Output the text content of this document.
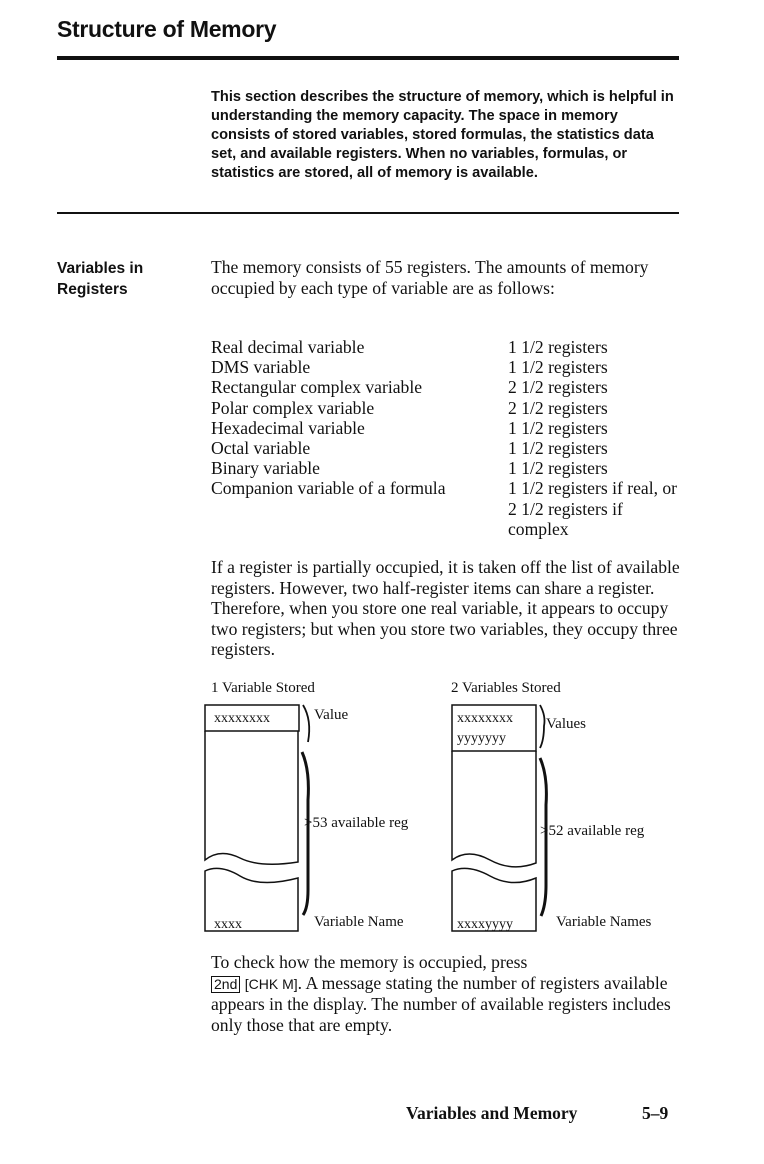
Structure of Memory
This section describes the structure of memory, which is helpful in understanding the memory capacity. The space in memory consists of stored variables, stored formulas, the statistics data set, and available registers. When no variables, formulas, or statistics are stored, all of memory is available.
Variables in
Registers
The memory consists of 55 registers. The amounts of memory occupied by each type of variable are as follows:
Real decimal variable	1 1/2 registers
DMS variable	1 1/2 registers
Rectangular complex variable	2 1/2 registers
Polar complex variable	2 1/2 registers
Hexadecimal variable	1 1/2 registers
Octal variable	1 1/2 registers
Binary variable	1 1/2 registers
Companion variable of a formula	1 1/2 registers if real, or 2 1/2 registers if complex
If a register is partially occupied, it is taken off the list of available registers. However, two half-register items can share a register. Therefore, when you store one real variable, it appears to occupy two registers; but when you store two variables, they occupy three registers.
1 Variable Stored	2 Variables Stored
xxxxxxxx	Value
>53 available reg
xxxx	Variable Name
xxxxxxxx
yyyyyyy
Values
>52 available reg
xxxxyyyy	Variable Names
To check how the memory is occupied, press
2nd [CHK M]. A message stating the number of registers available appears in the display. The number of available registers includes only those that are empty.
Variables and Memory	5–9
